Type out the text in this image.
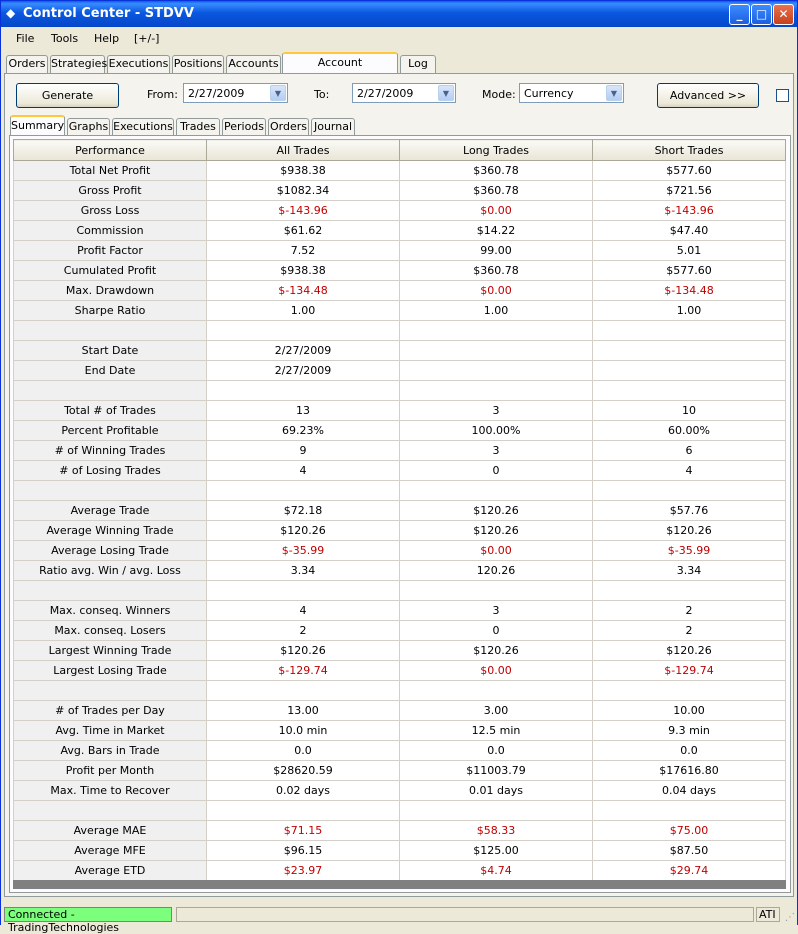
◆ Control Center - STDVV	_	□ ✕
File Tools Help [+/-]
Orders Strategies Executions Positions Accounts	Account	Log
Generate	From: 2/27/2009	▼	To:	2/27/2009	▼	Mode: Currency	▼	Advanced >>
Summary Graphs Executions Trades Periods Orders Journal
Performance	All Trades	Long Trades	Short Trades
Total Net Profit	$938.38	$360.78	$577.60
Gross Profit	$1082.34	$360.78	$721.56
Gross Loss	$-143.96	$0.00	$-143.96
Commission	$61.62	$14.22	$47.40
Profit Factor	7.52	99.00	5.01
Cumulated Profit	$938.38	$360.78	$577.60
Max. Drawdown	$-134.48	$0.00	$-134.48
Sharpe Ratio	1.00	1.00	1.00

Start Date	2/27/2009		
End Date	2/27/2009		

Total # of Trades	13	3	10
Percent Profitable	69.23%	100.00%	60.00%
# of Winning Trades	9	3	6
# of Losing Trades	4	0	4

Average Trade	$72.18	$120.26	$57.76
Average Winning Trade	$120.26	$120.26	$120.26
Average Losing Trade	$-35.99	$0.00	$-35.99
Ratio avg. Win / avg. Loss	3.34	120.26	3.34

Max. conseq. Winners	4	3	2
Max. conseq. Losers	2	0	2
Largest Winning Trade	$120.26	$120.26	$120.26
Largest Losing Trade	$-129.74	$0.00	$-129.74

# of Trades per Day	13.00	3.00	10.00
Avg. Time in Market	10.0 min	12.5 min	9.3 min
Avg. Bars in Trade	0.0	0.0	0.0
Profit per Month	$28620.59	$11003.79	$17616.80
Max. Time to Recover	0.02 days	0.01 days	0.04 days

Average MAE	$71.15	$58.33	$75.00
Average MFE	$96.15	$125.00	$87.50
Average ETD	$23.97	$4.74	$29.74
Connected - TradingTechnologies
ATI ⋰
